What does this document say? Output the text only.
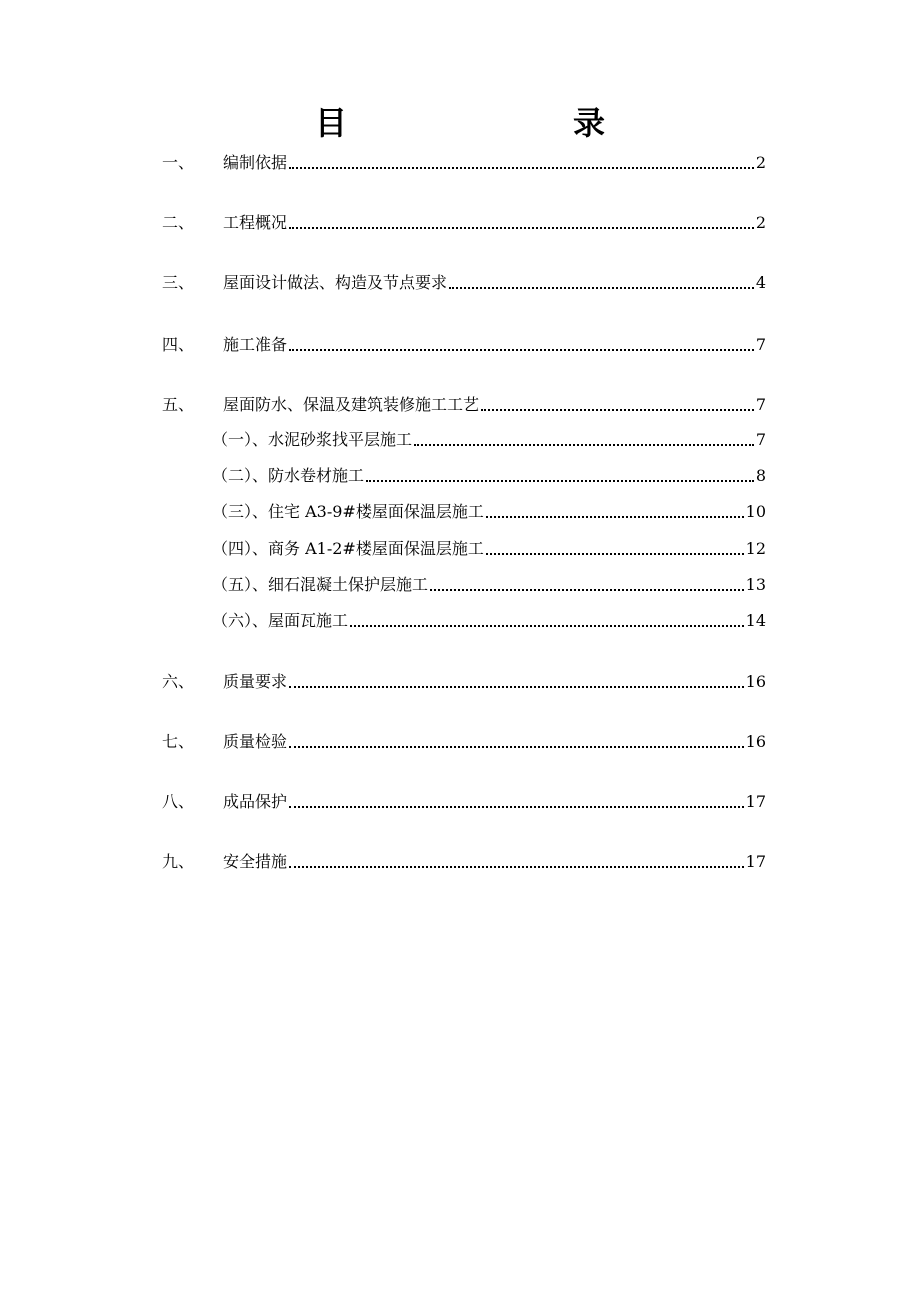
目　　录
一、	编制依据	2
二、	工程概况	2
三、	屋面设计做法、构造及节点要求	4
四、	施工准备	7
五、	屋面防水、保温及建筑装修施工工艺	7
（一）、水泥砂浆找平层施工	7
（二）、防水卷材施工	8
（三）、住宅 A3-9#楼屋面保温层施工	10
（四）、商务 A1-2#楼屋面保温层施工	12
（五）、细石混凝土保护层施工	13
（六）、屋面瓦施工	14
六、	质量要求	16
七、	质量检验	16
八、	成品保护	17
九、	安全措施	17
